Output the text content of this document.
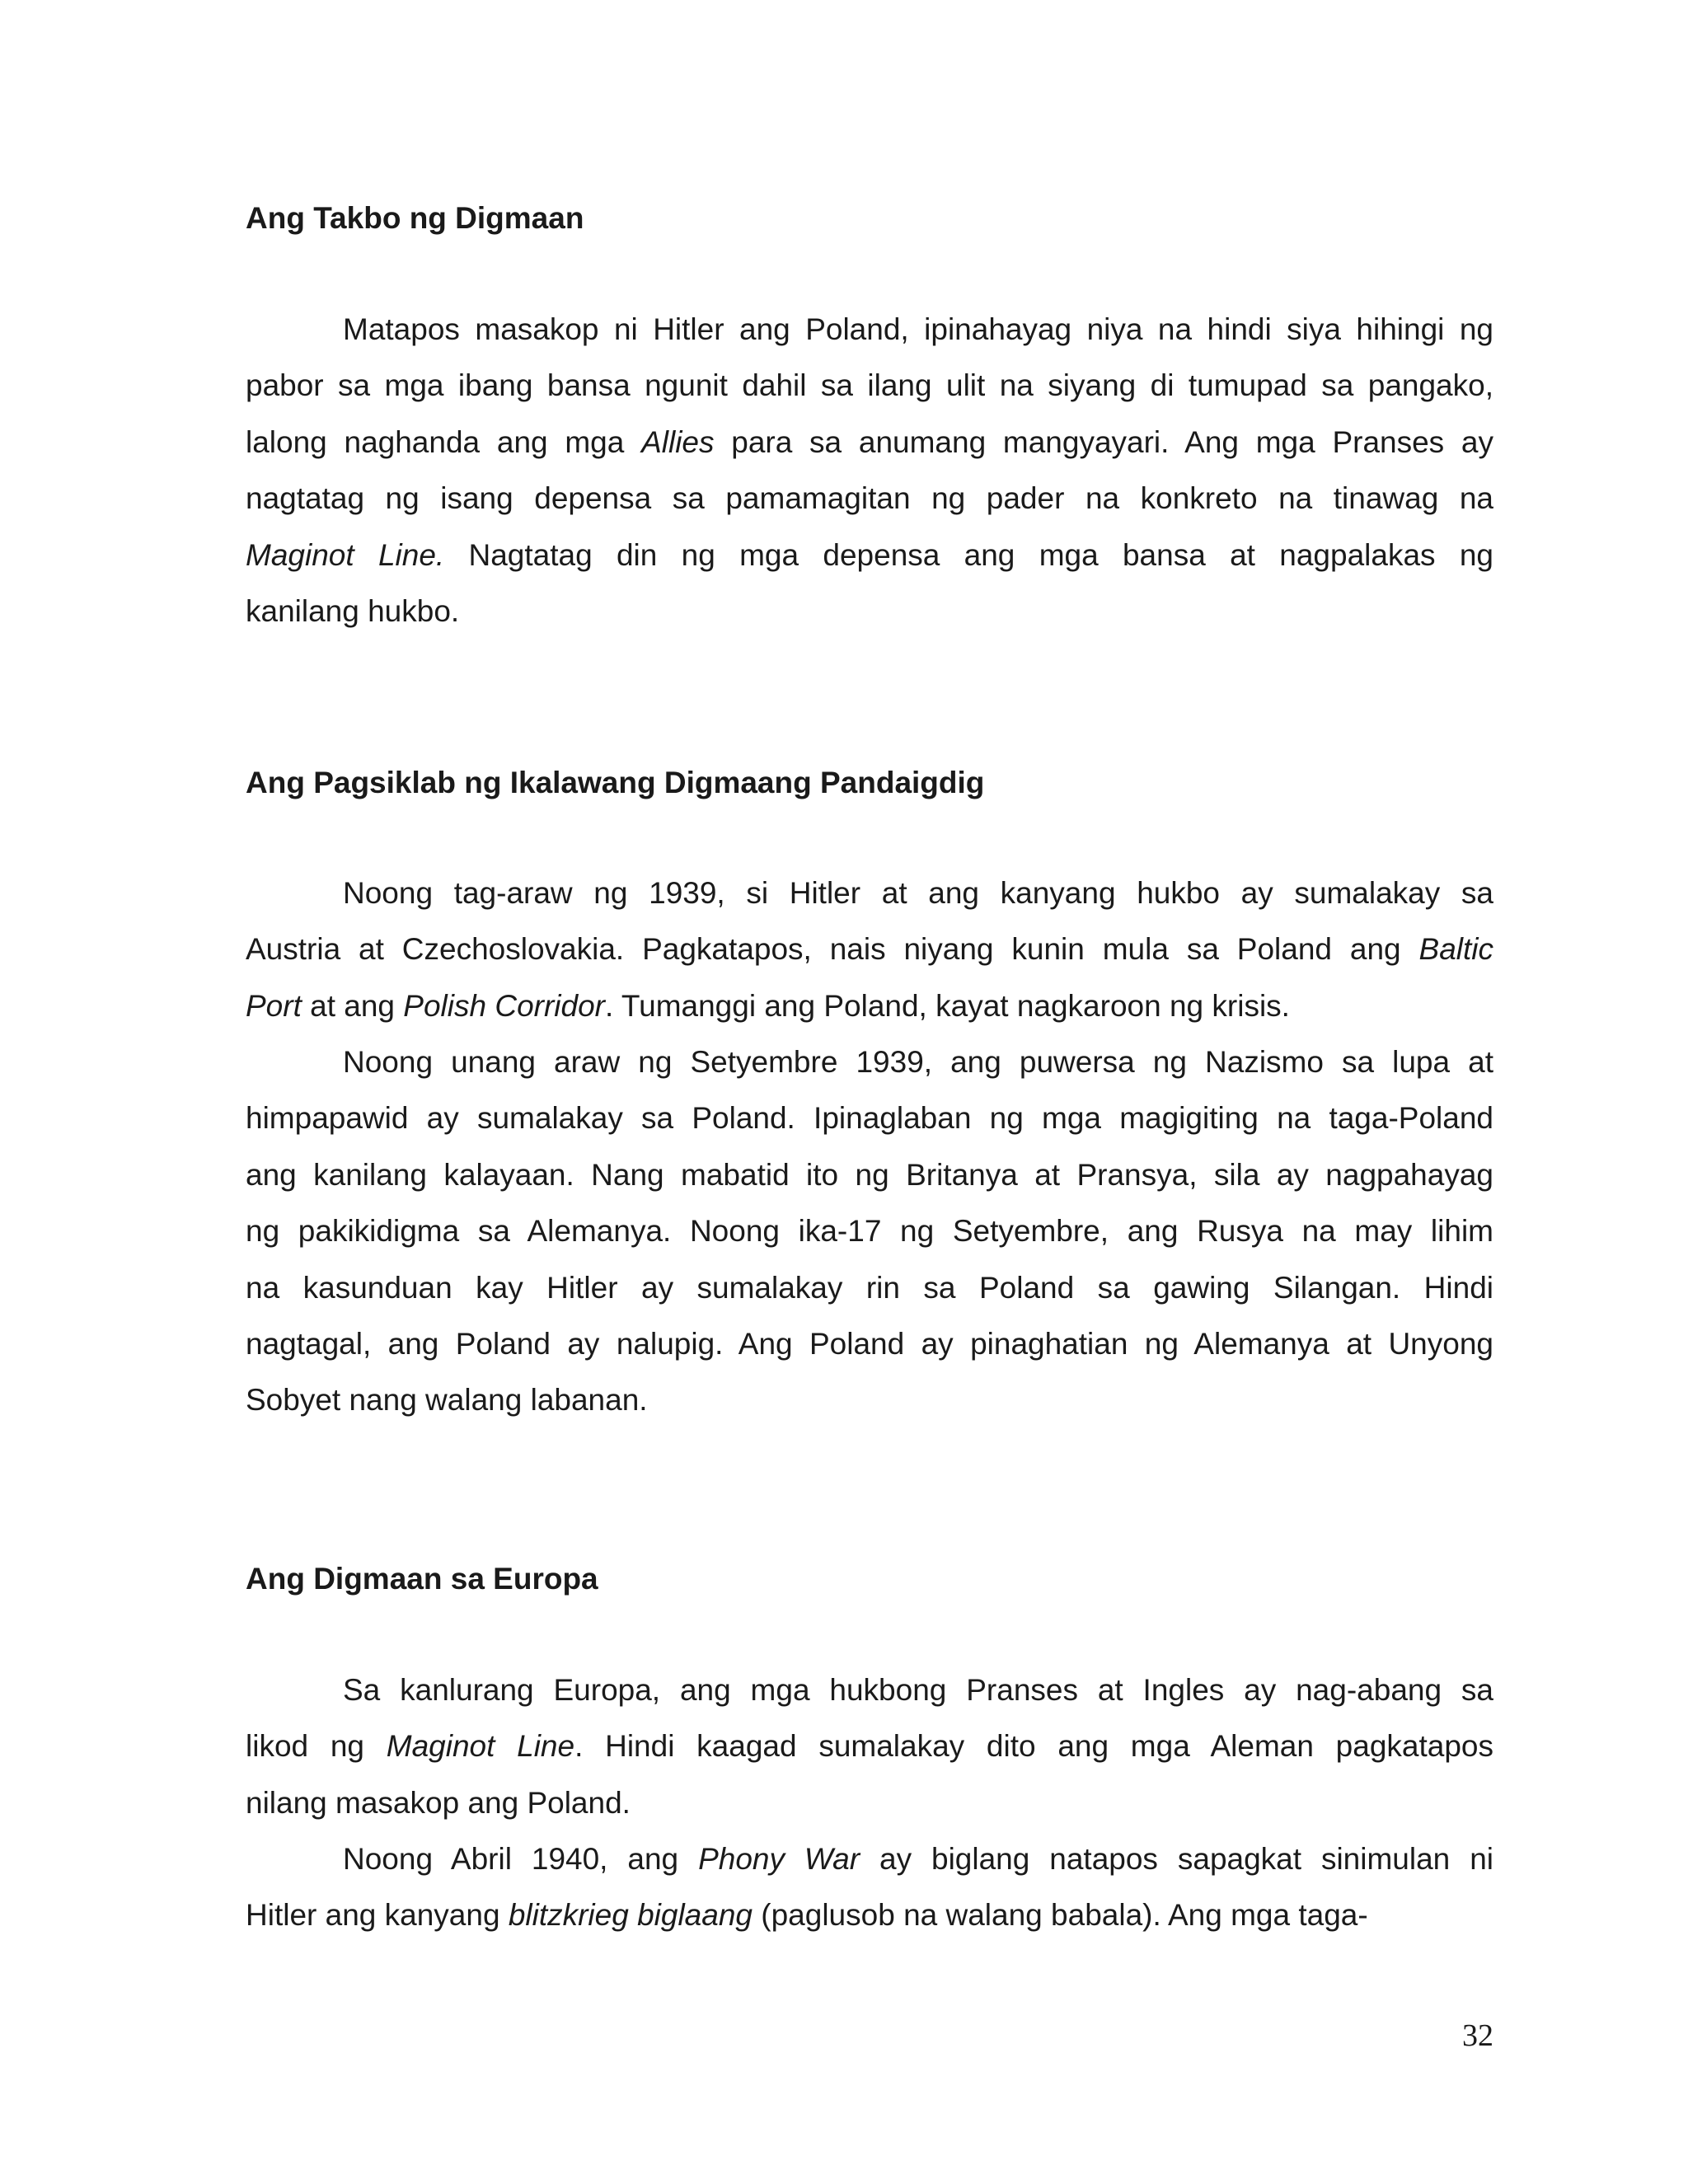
Ang Takbo ng Digmaan
Matapos masakop ni Hitler ang Poland, ipinahayag niya na hindi siya hihingi ng
pabor sa mga ibang bansa ngunit dahil sa ilang ulit na siyang di tumupad sa pangako,
lalong naghanda ang mga Allies para sa anumang mangyayari. Ang mga Pranses ay
nagtatag ng isang depensa sa pamamagitan ng pader na konkreto na tinawag na
Maginot Line. Nagtatag din ng mga depensa ang mga bansa at nagpalakas ng
kanilang hukbo.
Ang Pagsiklab ng Ikalawang Digmaang Pandaigdig
Noong tag-araw ng 1939, si Hitler at ang kanyang hukbo ay sumalakay sa
Austria at Czechoslovakia. Pagkatapos, nais niyang kunin mula sa Poland ang Baltic
Port at ang Polish Corridor. Tumanggi ang Poland, kayat nagkaroon ng krisis.
Noong unang araw ng Setyembre 1939, ang puwersa ng Nazismo sa lupa at
himpapawid ay sumalakay sa Poland. Ipinaglaban ng mga magigiting na taga-Poland
ang kanilang kalayaan. Nang mabatid ito ng Britanya at Pransya, sila ay nagpahayag
ng pakikidigma sa Alemanya. Noong ika-17 ng Setyembre, ang Rusya na may lihim
na kasunduan kay Hitler ay sumalakay rin sa Poland sa gawing Silangan. Hindi
nagtagal, ang Poland ay nalupig. Ang Poland ay pinaghatian ng Alemanya at Unyong
Sobyet nang walang labanan.
Ang Digmaan sa Europa
Sa kanlurang Europa, ang mga hukbong Pranses at Ingles ay nag-abang sa
likod ng Maginot Line. Hindi kaagad sumalakay dito ang mga Aleman pagkatapos
nilang masakop ang Poland.
Noong Abril 1940, ang Phony War ay biglang natapos sapagkat sinimulan ni
Hitler ang kanyang blitzkrieg biglaang (paglusob na walang babala). Ang mga taga-
32
